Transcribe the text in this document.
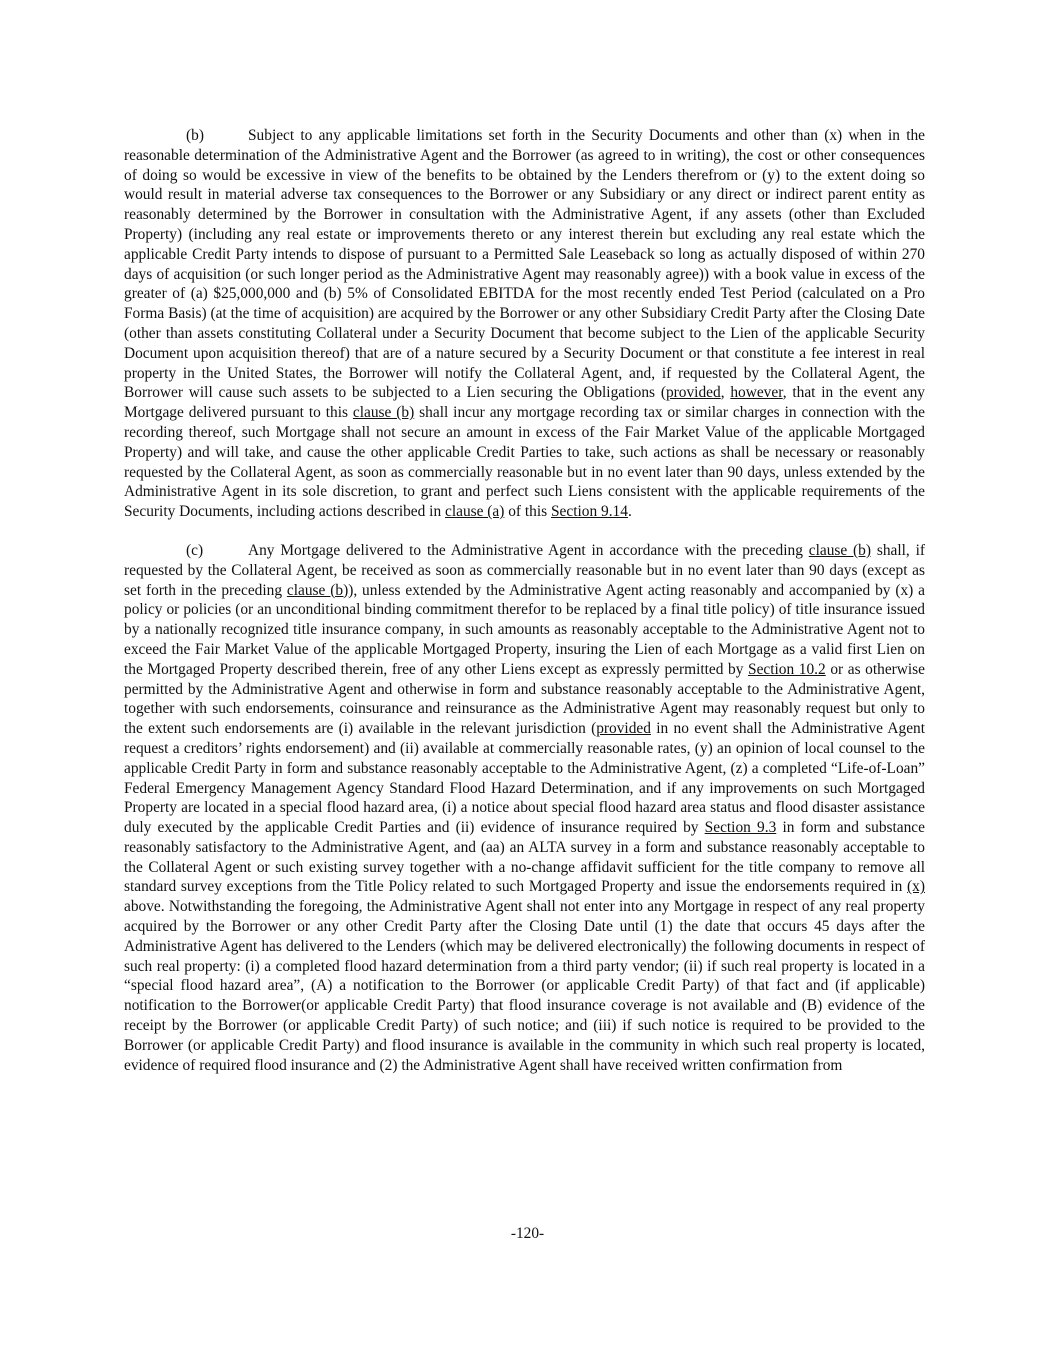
(b)	Subject to any applicable limitations set forth in the Security Documents and other than (x) when in the reasonable determination of the Administrative Agent and the Borrower (as agreed to in writing), the cost or other consequences of doing so would be excessive in view of the benefits to be obtained by the Lenders therefrom or (y) to the extent doing so would result in material adverse tax consequences to the Borrower or any Subsidiary or any direct or indirect parent entity as reasonably determined by the Borrower in consultation with the Administrative Agent, if any assets (other than Excluded Property) (including any real estate or improvements thereto or any interest therein but excluding any real estate which the applicable Credit Party intends to dispose of pursuant to a Permitted Sale Leaseback so long as actually disposed of within 270 days of acquisition (or such longer period as the Administrative Agent may reasonably agree)) with a book value in excess of the greater of (a) $25,000,000 and (b) 5% of Consolidated EBITDA for the most recently ended Test Period (calculated on a Pro Forma Basis) (at the time of acquisition) are acquired by the Borrower or any other Subsidiary Credit Party after the Closing Date (other than assets constituting Collateral under a Security Document that become subject to the Lien of the applicable Security Document upon acquisition thereof) that are of a nature secured by a Security Document or that constitute a fee interest in real property in the United States, the Borrower will notify the Collateral Agent, and, if requested by the Collateral Agent, the Borrower will cause such assets to be subjected to a Lien securing the Obligations (provided, however, that in the event any Mortgage delivered pursuant to this clause (b) shall incur any mortgage recording tax or similar charges in connection with the recording thereof, such Mortgage shall not secure an amount in excess of the Fair Market Value of the applicable Mortgaged Property) and will take, and cause the other applicable Credit Parties to take, such actions as shall be necessary or reasonably requested by the Collateral Agent, as soon as commercially reasonable but in no event later than 90 days, unless extended by the Administrative Agent in its sole discretion, to grant and perfect such Liens consistent with the applicable requirements of the Security Documents, including actions described in clause (a) of this Section 9.14.

(c)	Any Mortgage delivered to the Administrative Agent in accordance with the preceding clause (b) shall, if requested by the Collateral Agent, be received as soon as commercially reasonable but in no event later than 90 days (except as set forth in the preceding clause (b)), unless extended by the Administrative Agent acting reasonably and accompanied by (x) a policy or policies (or an unconditional binding commitment therefor to be replaced by a final title policy) of title insurance issued by a nationally recognized title insurance company, in such amounts as reasonably acceptable to the Administrative Agent not to exceed the Fair Market Value of the applicable Mortgaged Property, insuring the Lien of each Mortgage as a valid first Lien on the Mortgaged Property described therein, free of any other Liens except as expressly permitted by Section 10.2 or as otherwise permitted by the Administrative Agent and otherwise in form and substance reasonably acceptable to the Administrative Agent, together with such endorsements, coinsurance and reinsurance as the Administrative Agent may reasonably request but only to the extent such endorsements are (i) available in the relevant jurisdiction (provided in no event shall the Administrative Agent request a creditors’ rights endorsement) and (ii) available at commercially reasonable rates, (y) an opinion of local counsel to the applicable Credit Party in form and substance reasonably acceptable to the Administrative Agent, (z) a completed “Life-of-Loan” Federal Emergency Management Agency Standard Flood Hazard Determination, and if any improvements on such Mortgaged Property are located in a special flood hazard area, (i) a notice about special flood hazard area status and flood disaster assistance duly executed by the applicable Credit Parties and (ii) evidence of insurance required by Section 9.3 in form and substance reasonably satisfactory to the Administrative Agent, and (aa) an ALTA survey in a form and substance reasonably acceptable to the Collateral Agent or such existing survey together with a no-change affidavit sufficient for the title company to remove all standard survey exceptions from the Title Policy related to such Mortgaged Property and issue the endorsements required in (x) above. Notwithstanding the foregoing, the Administrative Agent shall not enter into any Mortgage in respect of any real property acquired by the Borrower or any other Credit Party after the Closing Date until (1) the date that occurs 45 days after the Administrative Agent has delivered to the Lenders (which may be delivered electronically) the following documents in respect of such real property: (i) a completed flood hazard determination from a third party vendor; (ii) if such real property is located in a “special flood hazard area”, (A) a notification to the Borrower (or applicable Credit Party) of that fact and (if applicable) notification to the Borrower(or applicable Credit Party) that flood insurance coverage is not available and (B) evidence of the receipt by the Borrower (or applicable Credit Party) of such notice; and (iii) if such notice is required to be provided to the Borrower (or applicable Credit Party) and flood insurance is available in the community in which such real property is located, evidence of required flood insurance and (2) the Administrative Agent shall have received written confirmation from

-120-
